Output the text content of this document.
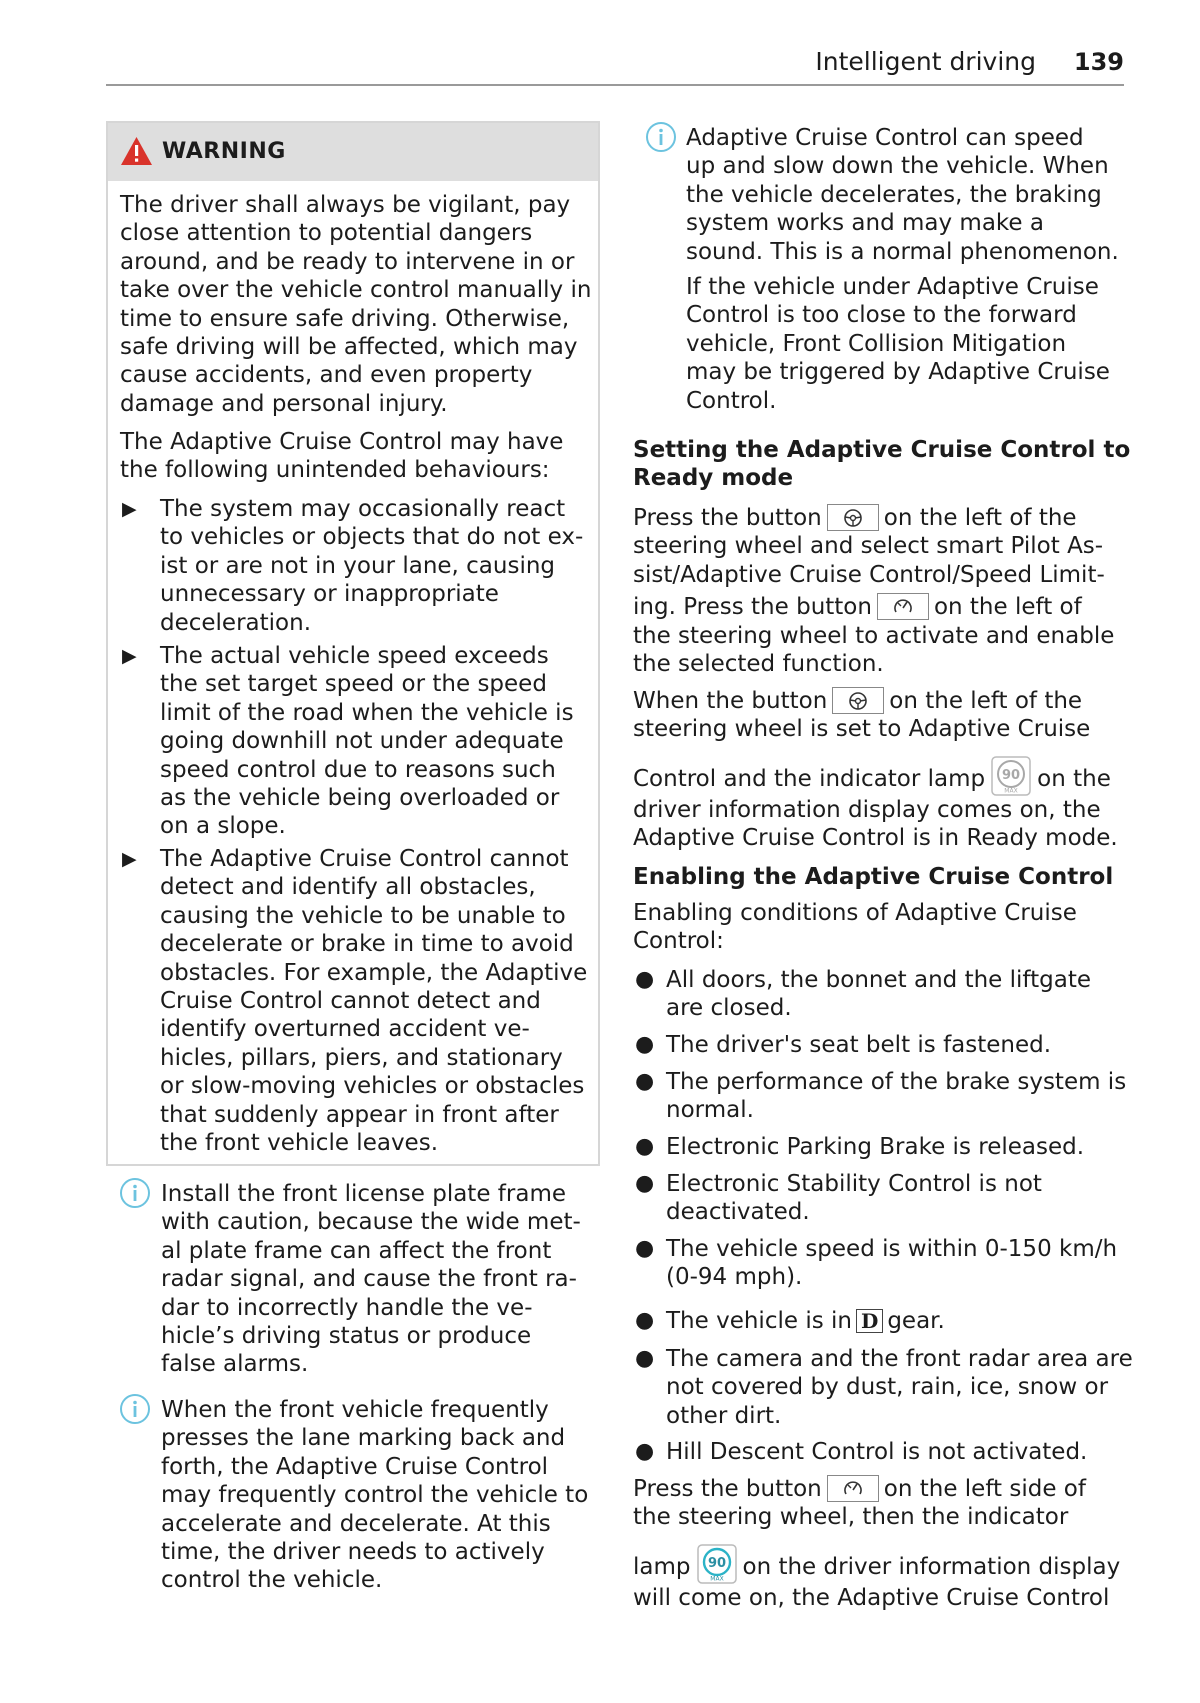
Intelligent driving 139
WARNING
The driver shall always be vigilant, pay
close attention to potential dangers
around, and be ready to intervene in or
take over the vehicle control manually in
time to ensure safe driving. Otherwise,
safe driving will be affected, which may
cause accidents, and even property
damage and personal injury.
The Adaptive Cruise Control may have
the following unintended behaviours:
▶ The system may occasionally react
to vehicles or objects that do not ex-
ist or are not in your lane, causing
unnecessary or inappropriate
deceleration.
▶ The actual vehicle speed exceeds
the set target speed or the speed
limit of the road when the vehicle is
going downhill not under adequate
speed control due to reasons such
as the vehicle being overloaded or
on a slope.
▶ The Adaptive Cruise Control cannot
detect and identify all obstacles,
causing the vehicle to be unable to
decelerate or brake in time to avoid
obstacles. For example, the Adaptive
Cruise Control cannot detect and
identify overturned accident ve-
hicles, pillars, piers, and stationary
or slow-moving vehicles or obstacles
that suddenly appear in front after
the front vehicle leaves.
Install the front license plate frame
with caution, because the wide met-
al plate frame can affect the front
radar signal, and cause the front ra-
dar to incorrectly handle the ve-
hicle’s driving status or produce
false alarms.
When the front vehicle frequently
presses the lane marking back and
forth, the Adaptive Cruise Control
may frequently control the vehicle to
accelerate and decelerate. At this
time, the driver needs to actively
control the vehicle.
Adaptive Cruise Control can speed
up and slow down the vehicle. When
the vehicle decelerates, the braking
system works and may make a
sound. This is a normal phenomenon.
If the vehicle under Adaptive Cruise
Control is too close to the forward
vehicle, Front Collision Mitigation
may be triggered by Adaptive Cruise
Control.
Setting the Adaptive Cruise Control to
Ready mode
Press the button	on the left of the
steering wheel and select smart Pilot As-
sist/Adaptive Cruise Control/Speed Limit-
ing. Press the button	on the left of
the steering wheel to activate and enable
the selected function.
When the button	on the left of the
steering wheel is set to Adaptive Cruise
Control and the indicator lamp 90
MAX on the
driver information display comes on, the
Adaptive Cruise Control is in Ready mode.
Enabling the Adaptive Cruise Control
Enabling conditions of Adaptive Cruise
Control:
● All doors, the bonnet and the liftgate
are closed.
● The driver's seat belt is fastened.
● The performance of the brake system is
normal.
● Electronic Parking Brake is released.
● Electronic Stability Control is not
deactivated.
● The vehicle speed is within 0-150 km/h
(0-94 mph).
● The vehicle is in D gear.
● The camera and the front radar area are
not covered by dust, rain, ice, snow or
other dirt.
● Hill Descent Control is not activated.
Press the button	on the left side of
the steering wheel, then the indicator
lamp 90
MAX on the driver information display
will come on, the Adaptive Cruise Control
